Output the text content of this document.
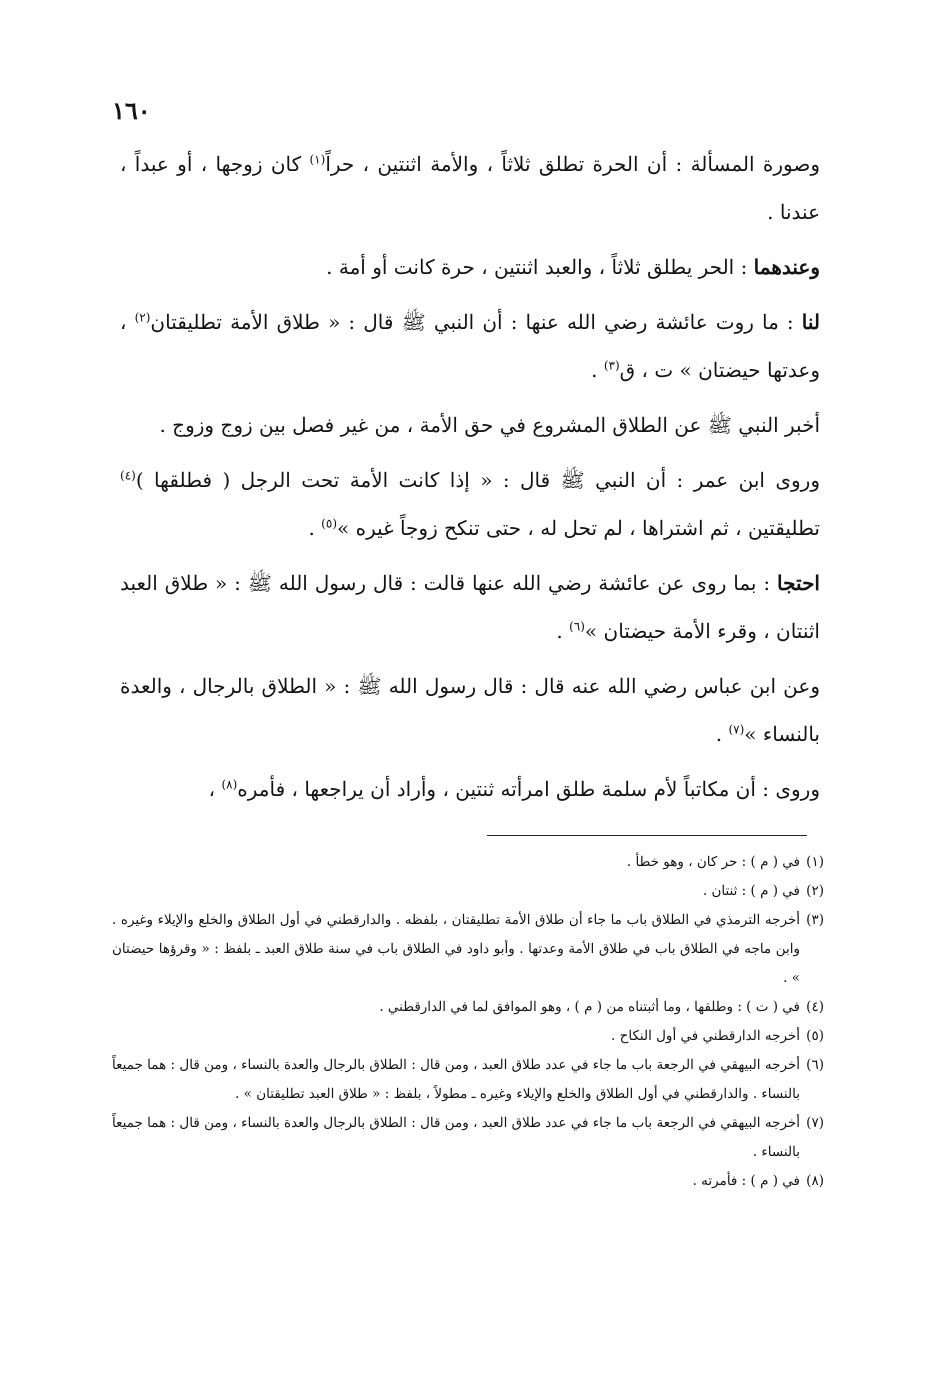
١٦٠

وصورة المسألة : أن الحرة تطلق ثلاثاً ، والأمة اثنتين ، حراً$^{(١)}$ كان زوجها ، أو عبداً ، عندنا .

وعندهما : الحر يطلق ثلاثاً ، والعبد اثنتين ، حرة كانت أو أمة .

لنا : ما روت عائشة رضي الله عنها : أن النبي ﷺ قال : « طلاق الأمة تطليقتان$^{(٢)}$ ، وعدتها حيضتان » ت ، ق$^{(٣)}$ .

أخبر النبي ﷺ عن الطلاق المشروع في حق الأمة ، من غير فصل بين زوج وزوج .

وروى ابن عمر : أن النبي ﷺ قال : « إذا كانت الأمة تحت الرجل ( فطلقها )$^{(٤)}$ تطليقتين ، ثم اشتراها ، لم تحل له ، حتى تنكح زوجاً غيره »$^{(٥)}$ .

احتجا : بما روى عن عائشة رضي الله عنها قالت : قال رسول الله ﷺ : « طلاق العبد اثنتان ، وقرء الأمة حيضتان »$^{(٦)}$ .

وعن ابن عباس رضي الله عنه قال : قال رسول الله ﷺ : « الطلاق بالرجال ، والعدة بالنساء »$^{(٧)}$ .

وروى : أن مكاتباً لأم سلمة طلق امرأته ثنتين ، وأراد أن يراجعها ، فأمره$^{(٨)}$ ،

(١)
في ( م ) : حر كان ، وهو خطأ .
(٢)
في ( م ) : ثنتان .
(٣)
أخرجه الترمذي في الطلاق باب ما جاء أن طلاق الأمة تطليقتان ، بلفظه . والدارقطني في أول الطلاق والخلع والإيلاء وغيره . وابن ماجه في الطلاق باب في طلاق الأمة وعدتها . وأبو داود في الطلاق باب في سنة طلاق العبد ـ بلفظ : « وقرؤها حيضتان » .
(٤)
في ( ت ) : وطلقها ، وما أثبتناه من ( م ) ، وهو الموافق لما في الدارقطني .
(٥)
أخرجه الدارقطني في أول النكاح .
(٦)
أخرجه البيهقي في الرجعة باب ما جاء في عدد طلاق العبد ، ومن قال : الطلاق بالرجال والعدة بالنساء ، ومن قال : هما جميعاً بالنساء . والدارقطني في أول الطلاق والخلع والإيلاء وغيره ـ مطولاً ، بلفظ : « طلاق العبد تطليقتان » .
(٧)
أخرجه البيهقي في الرجعة باب ما جاء في عدد طلاق العبد ، ومن قال : الطلاق بالرجال والعدة بالنساء ، ومن قال : هما جميعاً بالنساء .
(٨)
في ( م ) : فأمرته .
